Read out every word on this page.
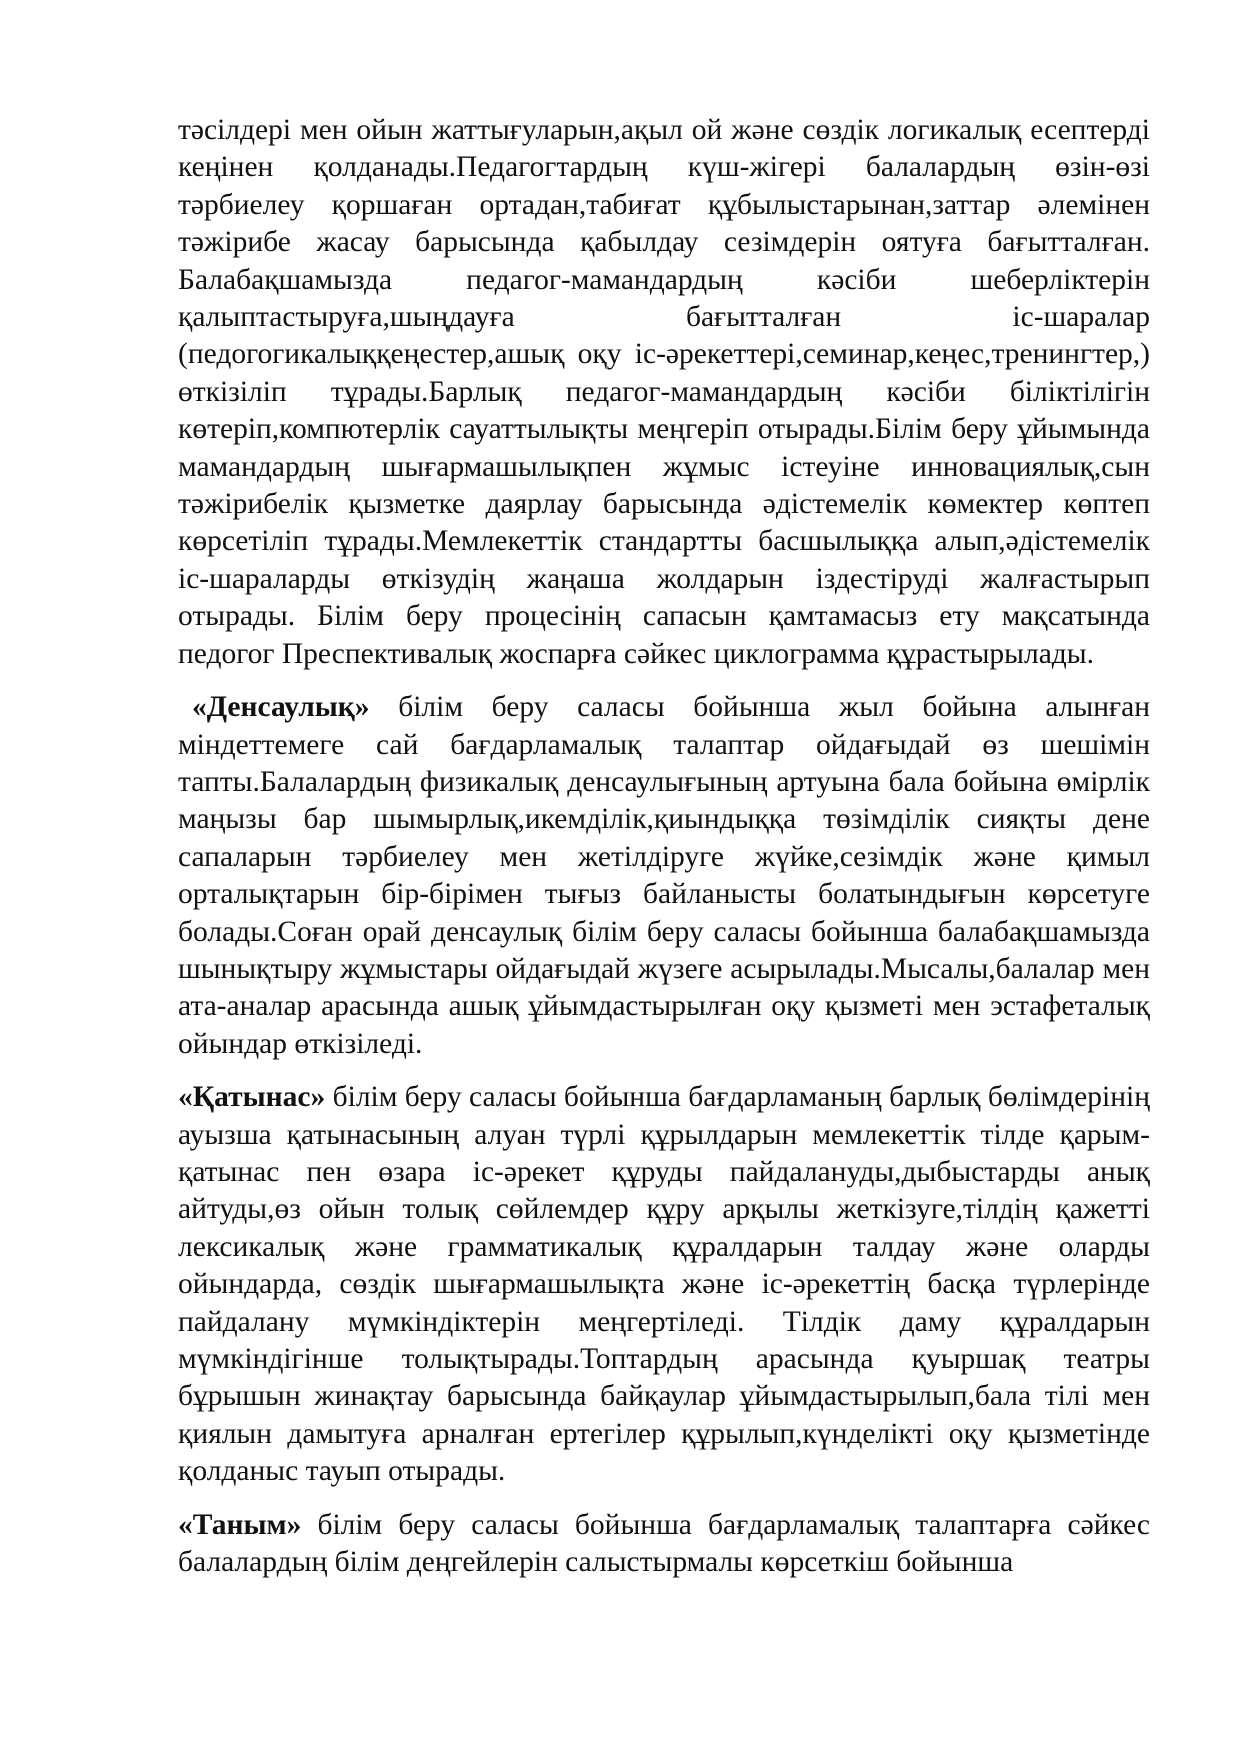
тәсілдері мен ойын жаттығуларын,ақыл ой және сөздік логикалық есептерді кеңінен қолданады.Педагогтардың күш-жігері балалардың өзін-өзі тәрбиелеу қоршаған ортадан,табиғат құбылыстарынан,заттар әлемінен тәжірибе жасау барысында қабылдау сезімдерін оятуға бағытталған. Балабақшамызда педагог-мамандардың кәсіби шеберліктерін қалыптастыруға,шыңдауға бағытталған іс-шаралар (педогогикалыққеңестер,ашық оқу іс-әрекеттері,семинар,кеңес,тренингтер,) өткізіліп тұрады.Барлық педагог-мамандардың кәсіби біліктілігін көтеріп,компютерлік сауаттылықты меңгеріп отырады.Білім беру ұйымында мамандардың шығармашылықпен жұмыс істеуіне инновациялық,сын тәжірибелік қызметке даярлау барысында әдістемелік көмектер көптеп көрсетіліп тұрады.Мемлекеттік стандартты басшылыққа алып,әдістемелік іс-шараларды өткізудің жаңаша жолдарын іздестіруді жалғастырып отырады. Білім беру процесінің сапасын қамтамасыз ету мақсатында педогог Преспективалық жоспарға сәйкес циклограмма құрастырылады.

«Денсаулық» білім беру саласы бойынша жыл бойына алынған міндеттемеге сай бағдарламалық талаптар ойдағыдай өз шешімін тапты.Балалардың физикалық денсаулығының артуына бала бойына өмірлік маңызы бар шымырлық,икемділік,қиындыққа төзімділік сияқты дене сапаларын тәрбиелеу мен жетілдіруге жүйке,сезімдік және қимыл орталықтарын бір-бірімен тығыз байланысты болатындығын көрсетуге болады.Соған орай денсаулық білім беру саласы бойынша балабақшамызда шынықтыру жұмыстары ойдағыдай жүзеге асырылады.Мысалы,балалар мен ата-аналар арасында ашық ұйымдастырылған оқу қызметі мен эстафеталық ойындар өткізіледі.

«Қатынас» білім беру саласы бойынша бағдарламаның барлық бөлімдерінің ауызша қатынасының алуан түрлі құрылдарын мемлекеттік тілде қарым-қатынас пен өзара іс-әрекет құруды пайдалануды,дыбыстарды анық айтуды,өз ойын толық сөйлемдер құру арқылы жеткізуге,тілдің қажетті лексикалық және грамматикалық құралдарын талдау және оларды ойындарда, сөздік шығармашылықта және іс-әрекеттің басқа түрлерінде пайдалану мүмкіндіктерін меңгертіледі. Тілдік даму құралдарын мүмкіндігінше толықтырады.Топтардың арасында қуыршақ театры бұрышын жинақтау барысында байқаулар ұйымдастырылып,бала тілі мен қиялын дамытуға арналған ертегілер құрылып,күнделікті оқу қызметінде қолданыс тауып отырады.

«Таным» білім беру саласы бойынша бағдарламалық талаптарға сәйкес балалардың білім деңгейлерін салыстырмалы көрсеткіш бойынша
